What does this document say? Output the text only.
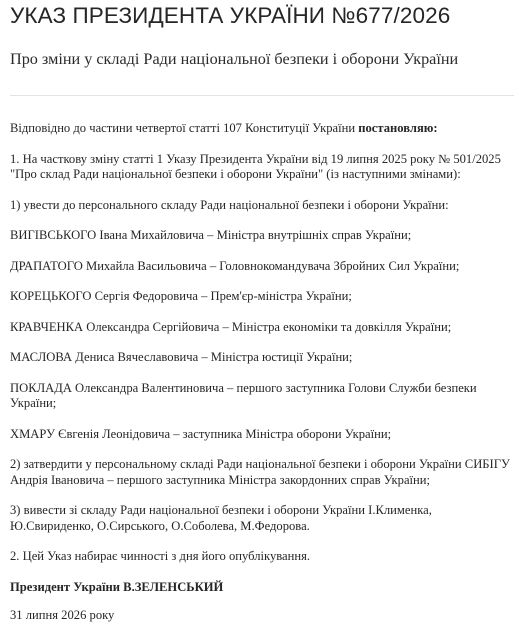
УКАЗ ПРЕЗИДЕНТА УКРАЇНИ №677/2026
Про зміни у складі Ради національної безпеки і оборони України

Відповідно до частини четвертої статті 107 Конституції України постановляю:

1. На часткову зміну статті 1 Указу Президента України від 19 липня 2025 року № 501/2025 "Про склад Ради національної безпеки і оборони України" (із наступними змінами):

1) увести до персонального складу Ради національної безпеки і оборони України:

ВИГІВСЬКОГО Івана Михайловича – Міністра внутрішніх справ України;

ДРАПАТОГО Михайла Васильовича – Головнокомандувача Збройних Сил України;

КОРЕЦЬКОГО Сергія Федоровича – Прем'єр-міністра України;

КРАВЧЕНКА Олександра Сергійовича – Міністра економіки та довкілля України;

МАСЛОВА Дениса Вячеславовича – Міністра юстиції України;

ПОКЛАДА Олександра Валентиновича – першого заступника Голови Служби безпеки України;

ХМАРУ Євгенія Леонідовича – заступника Міністра оборони України;

2) затвердити у персональному складі Ради національної безпеки і оборони України СИБІГУ Андрія Івановича – першого заступника Міністра закордонних справ України;

3) вивести зі складу Ради національної безпеки і оборони України І.Клименка, Ю.Свириденко, О.Сирського, О.Соболева, М.Федорова.

2. Цей Указ набирає чинності з дня його опублікування.

Президент України В.ЗЕЛЕНСЬКИЙ

31 липня 2026 року
